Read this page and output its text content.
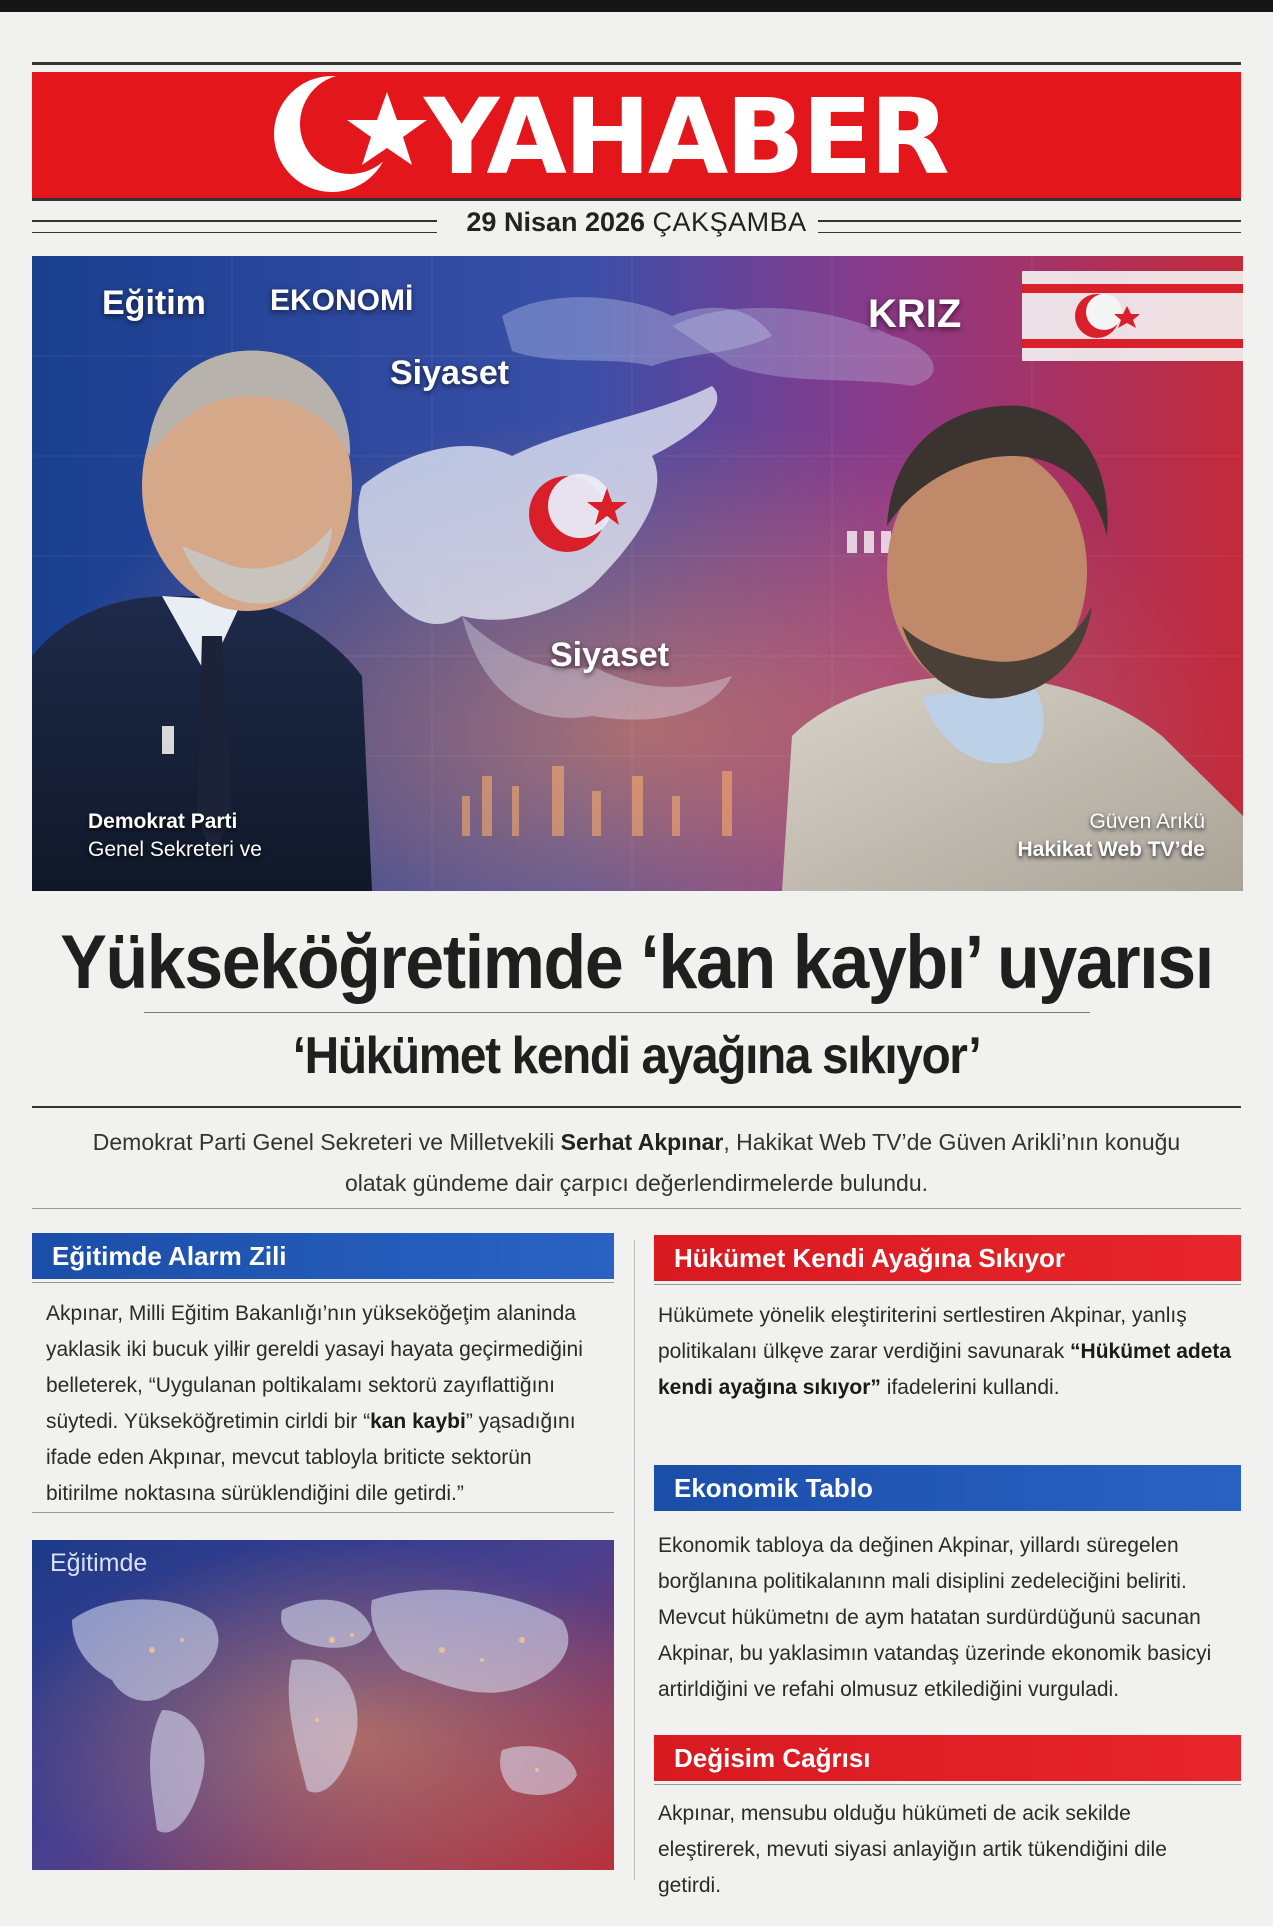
YAHABER
29 Nisan 2026 ÇAKŞAMBA
Eğitim EKONOMİ
Siyaset
KRIZ
Siyaset
Demokrat Parti
Genel Sekreteri ve
Güven Arıkü
Hakikat Web TV’de
Yükseköğretimde ‘kan kaybı’ uyarısı
‘Hükümet kendi ayağına sıkıyor’
Demokrat Parti Genel Sekreteri ve Milletvekili Serhat Akpınar, Hakikat Web TV’de Güven Arikli’nın konuğu olatak gündeme dair çarpıcı değerlendirmelerde bulundu.
Eğitimde Alarm Zili
Akpınar, Milli Eğitim Bakanlığı’nın yükseköğeţim alaninda yaklasik iki bucuk yilłir gereldi yasayi hayata geçirmediğini belleterek, “Uygulanan poltikalamı sektorü zayıflattiğını süytedi. Yükseköğretimin cirldi bir “kan kaybi” yąsadığını ifade eden Akpınar, mevcut tabloyla briticte sektorün bitirilme noktasına sürüklendiğini dile getirdi.”
Eğitimde
Hükümet Kendi Ayağına Sıkıyor
Hükümete yönelik eleştiriterini sertlestiren Akpinar, yanlış politikalanı ülkęve zarar verdiğini savunarak “Hükümet adeta kendi ayağına sıkıyor” ifadelerini kullandi.
Ekonomik Tablo
Ekonomik tabloya da değinen Akpinar, yillardı süregelen borğlanına politikalanınn mali disiplini zedeleciğini beliriti. Mevcut hükümetnı de aym hatatan surdürdüğunü sacunan Akpinar, bu yaklasimın vatandaş üzerinde ekonomik basicyi artirldiğini ve refahi olmusuz etkilediğini vurguladi.
Değisim Cağrısı
Akpınar, mensubu olduğu hükümeti de acik sekilde eleştirerek, mevuti siyasi anlayiğın artik tükendiğini dile getirdi.
